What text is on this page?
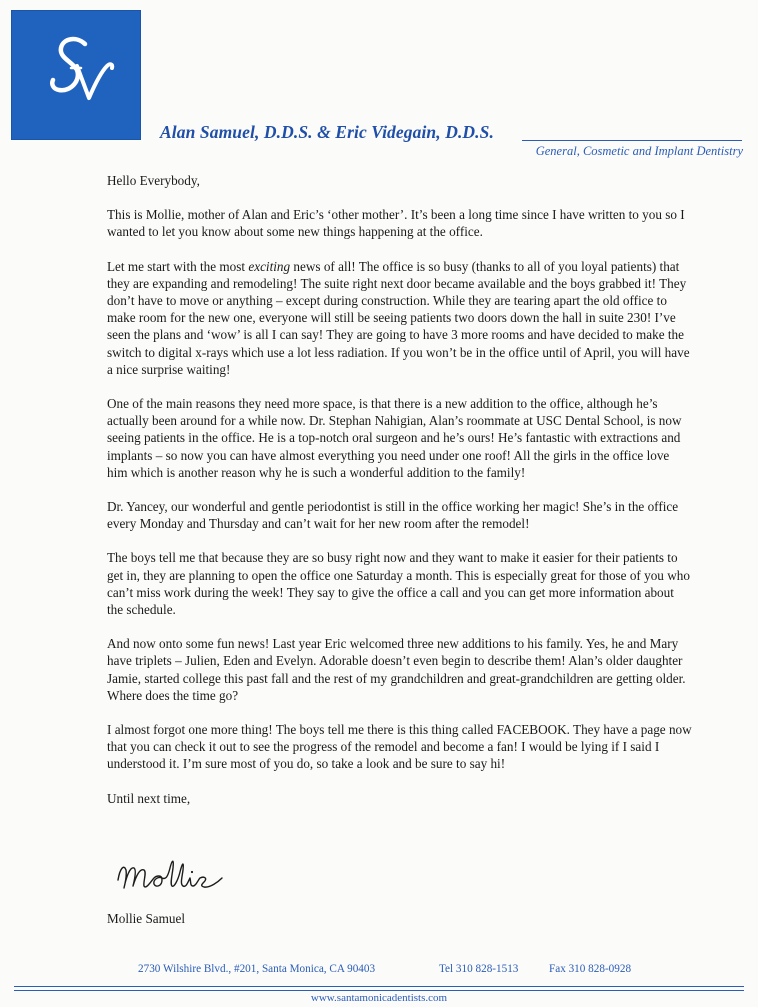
Alan Samuel, D.D.S. & Eric Videgain, D.D.S.
General, Cosmetic and Implant Dentistry

Hello Everybody,

This is Mollie, mother of Alan and Eric’s ‘other mother’. It’s been a long time since I have written to you so I wanted to let you know about some new things happening at the office.

Let me start with the most exciting news of all! The office is so busy (thanks to all of you loyal patients) that they are expanding and remodeling! The suite right next door became available and the boys grabbed it! They don’t have to move or anything – except during construction. While they are tearing apart the old office to make room for the new one, everyone will still be seeing patients two doors down the hall in suite 230! I’ve seen the plans and ‘wow’ is all I can say! They are going to have 3 more rooms and have decided to make the switch to digital x-rays which use a lot less radiation. If you won’t be in the office until of April, you will have a nice surprise waiting!

One of the main reasons they need more space, is that there is a new addition to the office, although he’s actually been around for a while now. Dr. Stephan Nahigian, Alan’s roommate at USC Dental School, is now seeing patients in the office. He is a top-notch oral surgeon and he’s ours! He’s fantastic with extractions and implants – so now you can have almost everything you need under one roof! All the girls in the office love him which is another reason why he is such a wonderful addition to the family!

Dr. Yancey, our wonderful and gentle periodontist is still in the office working her magic! She’s in the office every Monday and Thursday and can’t wait for her new room after the remodel!

The boys tell me that because they are so busy right now and they want to make it easier for their patients to get in, they are planning to open the office one Saturday a month. This is especially great for those of you who can’t miss work during the week! They say to give the office a call and you can get more information about the schedule.

And now onto some fun news! Last year Eric welcomed three new additions to his family. Yes, he and Mary have triplets – Julien, Eden and Evelyn. Adorable doesn’t even begin to describe them! Alan’s older daughter Jamie, started college this past fall and the rest of my grandchildren and great-grandchildren are getting older. Where does the time go?

I almost forgot one more thing! The boys tell me there is this thing called FACEBOOK. They have a page now that you can check it out to see the progress of the remodel and become a fan! I would be lying if I said I understood it. I’m sure most of you do, so take a look and be sure to say hi!

Until next time,

Mollie Samuel
2730 Wilshire Blvd., #201, Santa Monica, CA 90403	Tel 310 828-1513	Fax 310 828-0928
www.santamonicadentists.com
